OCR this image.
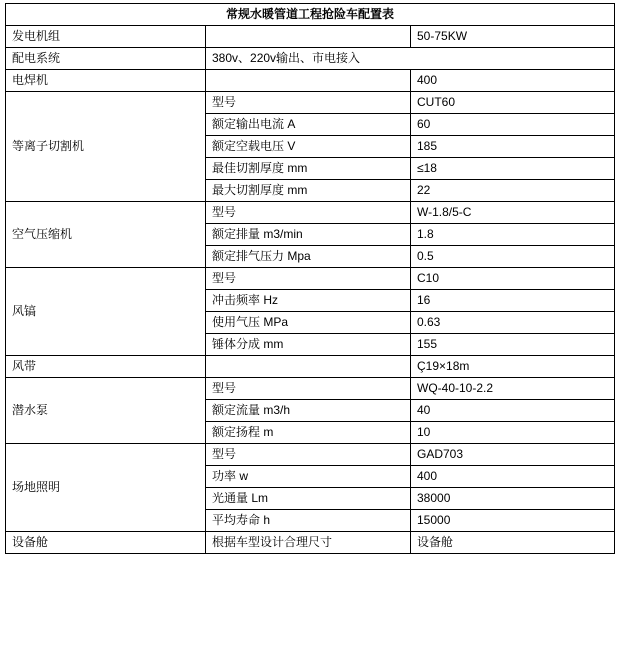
常规水暖管道工程抢险车配置表		
发电机组		50-75KW
配电系统	380v、220v输出、市电接入	
电焊机		400
等离子切割机	型号	CUT60
	额定输出电流 A	60
	额定空载电压 V	185
	最佳切割厚度 mm	≤18
	最大切割厚度 mm	22
空气压缩机	型号	W-1.8/5-C
	额定排量 m3/min	1.8
	额定排气压力 Mpa	0.5
风镐	型号	C10
	冲击频率 Hz	16
	使用气压 MPa	0.63
	锤体分成 mm	155
风带		Ç19×18m
潜水泵	型号	WQ-40-10-2.2
	额定流量 m3/h	40
	额定扬程 m	10
场地照明	型号	GAD703
	功率 w	400
	光通量 Lm	38000
	平均寿命 h	15000
设备舱	根据车型设计合理尺寸	设备舱
